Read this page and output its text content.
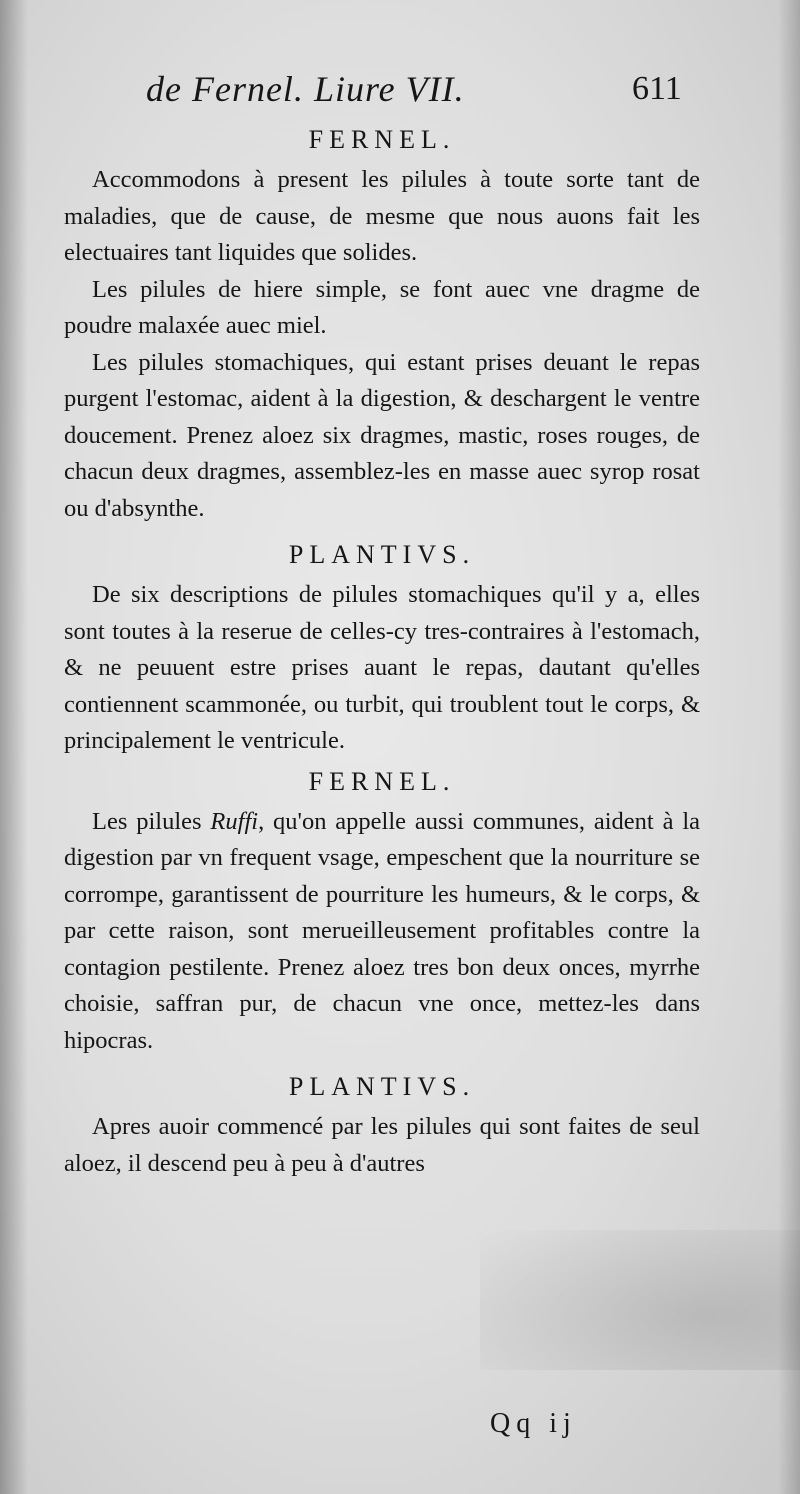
de Fernel. Liure VII.	611
FERNEL.

Accommodons à present les pilules à toute sorte tant de maladies, que de cause, de mesme que nous auons fait les electuaires tant liquides que solides.

Les pilules de hiere simple, se font auec vne dragme de poudre malaxée auec miel.

Les pilules stomachiques, qui estant prises deuant le repas purgent l'estomac, aident à la digestion, & deschargent le ventre doucement. Prenez aloez six dragmes, mastic, roses rouges, de chacun deux dragmes, assemblez-les en masse auec syrop rosat ou d'absynthe.

PLANTIVS.

De six descriptions de pilules stomachiques qu'il y a, elles sont toutes à la reserue de celles-cy tres-contraires à l'estomach, & ne peuuent estre prises auant le repas, dautant qu'elles contiennent scammonée, ou turbit, qui troublent tout le corps, & principalement le ventricule.

FERNEL.

Les pilules Ruffi, qu'on appelle aussi communes, aident à la digestion par vn frequent vsage, empeschent que la nourriture se corrompe, garantissent de pourriture les humeurs, & le corps, & par cette raison, sont merueilleusement profitables contre la contagion pestilente. Prenez aloez tres bon deux onces, myrrhe choisie, saffran pur, de chacun vne once, mettez-les dans hipocras.

PLANTIVS.

Apres auoir commencé par les pilules qui sont faites de seul aloez, il descend peu à peu à d'autres

Qq ij
